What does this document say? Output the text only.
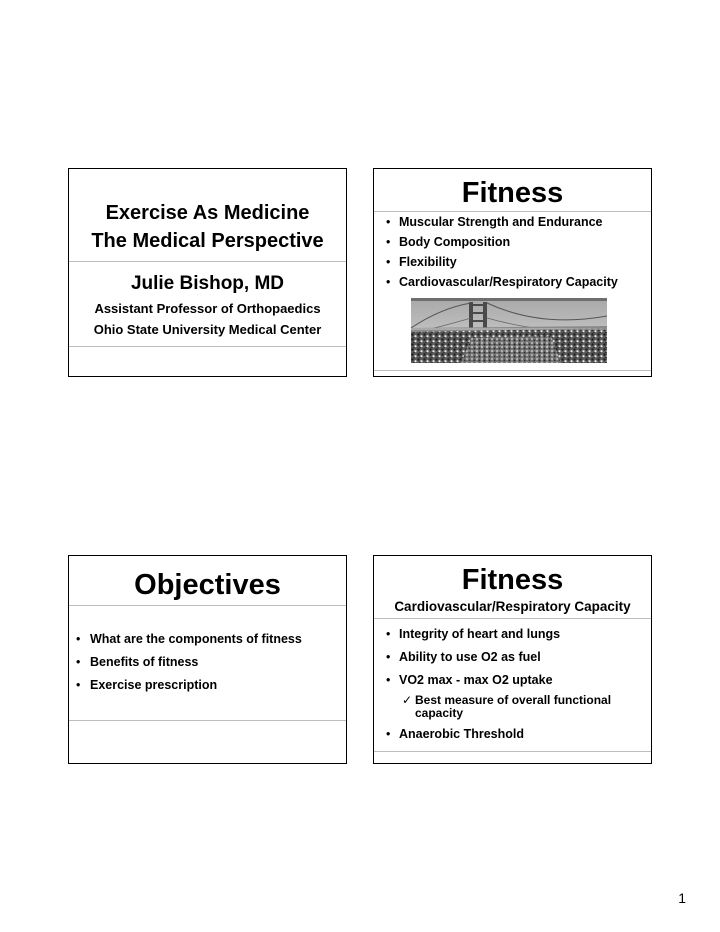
Exercise As Medicine
The Medical Perspective
Julie Bishop, MD
Assistant Professor of Orthopaedics
Ohio State University Medical Center
Fitness
• Muscular Strength and Endurance
• Body Composition
• Flexibility
• Cardiovascular/Respiratory Capacity
Objectives
• What are the components of fitness
• Benefits of fitness
• Exercise prescription
Fitness
Cardiovascular/Respiratory Capacity
• Integrity of heart and lungs
• Ability to use O2 as fuel
• VO2 max - max O2 uptake
✓ Best measure of overall functional capacity
• Anaerobic Threshold
1
